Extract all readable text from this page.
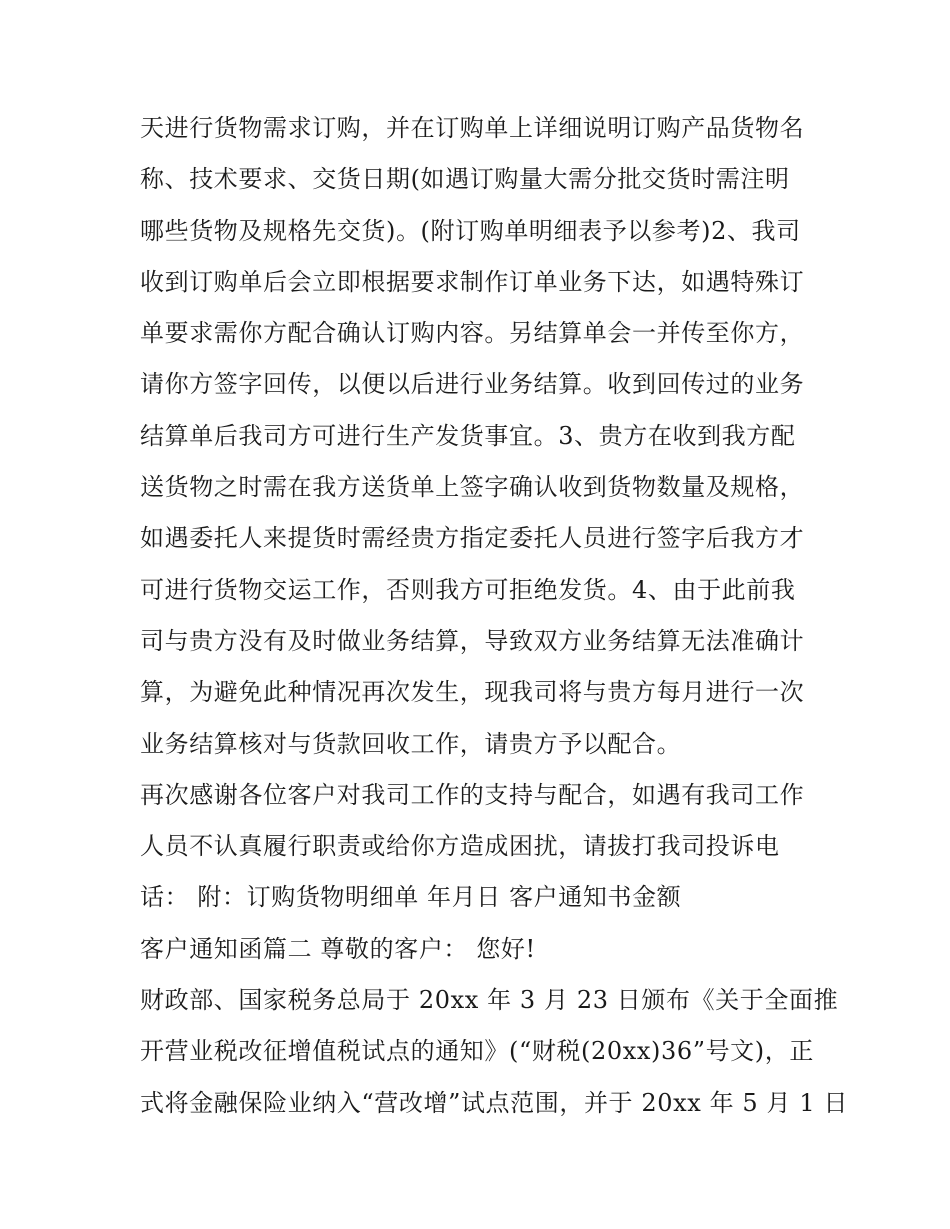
天进行货物需求订购，并在订购单上详细说明订购产品货物名
称、技术要求、交货日期(如遇订购量大需分批交货时需注明
哪些货物及规格先交货)。(附订购单明细表予以参考)2、我司
收到订购单后会立即根据要求制作订单业务下达，如遇特殊订
单要求需你方配合确认订购内容。另结算单会一并传至你方，
请你方签字回传，以便以后进行业务结算。收到回传过的业务
结算单后我司方可进行生产发货事宜。3、贵方在收到我方配
送货物之时需在我方送货单上签字确认收到货物数量及规格，
如遇委托人来提货时需经贵方指定委托人员进行签字后我方才
可进行货物交运工作，否则我方可拒绝发货。4、由于此前我
司与贵方没有及时做业务结算，导致双方业务结算无法准确计
算，为避免此种情况再次发生，现我司将与贵方每月进行一次
业务结算核对与货款回收工作，请贵方予以配合。
再次感谢各位客户对我司工作的支持与配合，如遇有我司工作
人员不认真履行职责或给你方造成困扰，请拔打我司投诉电
话： 附：订购货物明细单 年月日 客户通知书金额
客户通知函篇二 尊敬的客户： 您好!
财政部、国家税务总局于 20xx 年 3 月 23 日颁布《关于全面推
开营业税改征增值税试点的通知》(“财税(20xx)36”号文)，正
式将金融保险业纳入“营改增”试点范围，并于 20xx 年 5 月 1 日
